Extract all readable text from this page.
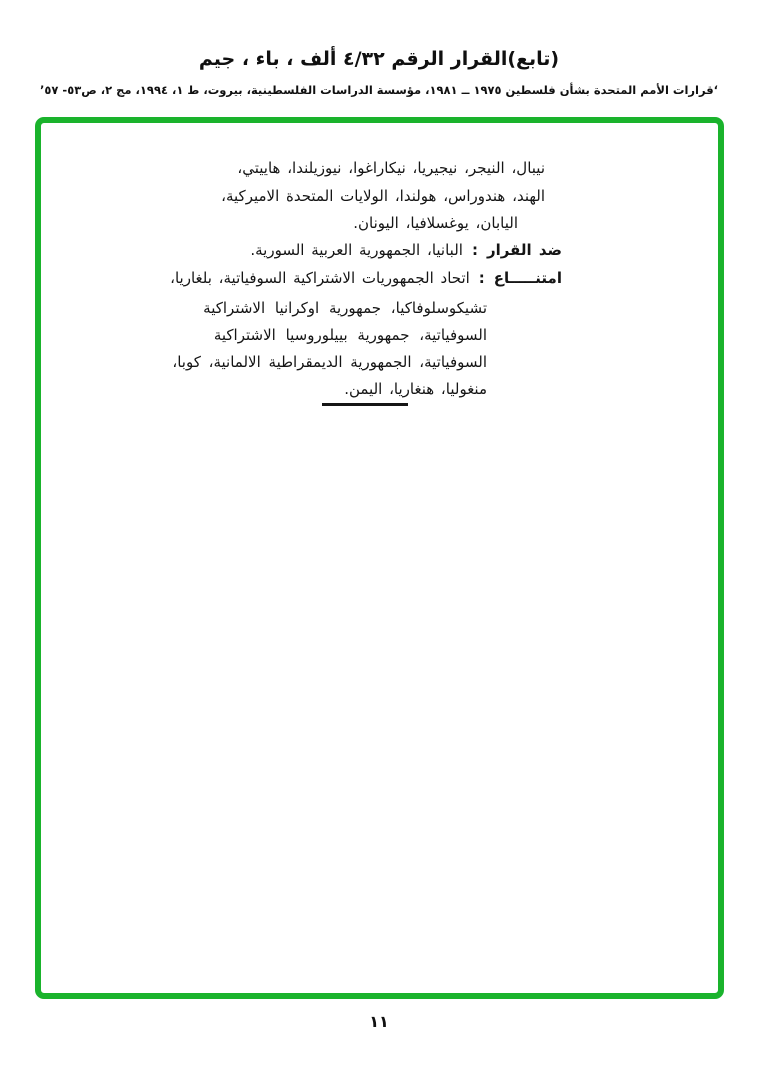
(تابع)القرار الرقم ٤/٣٢ ألف ، باء ، جيم
‘قرارات الأمم المتحدة بشأن فلسطين ١٩٧٥ ــ ١٩٨١، مؤسسة الدراسات الفلسطينية، بيروت، ط ١، ١٩٩٤، مج ٢، ص٥٣- ٥٧’
نيبال، النيجر، نيجيريا، نيكاراغوا، نيوزيلندا، هاييتي،
الهند، هندوراس، هولندا، الولايات المتحدة الاميركية،
اليابان، يوغسلافيا، اليونان.
ضد القرار:البانيا، الجمهورية العربية السورية.
امتنـــــاع:اتحاد الجمهوريات الاشتراكية السوفياتية، بلغاريا،
تشيكوسلوفاكيا، جمهورية اوكرانيا الاشتراكية
السوفياتية، جمهورية بييلوروسيا الاشتراكية
السوفياتية، الجمهورية الديمقراطية الالمانية، كوبا،
منغوليا، هنغاريا، اليمن.
١١
